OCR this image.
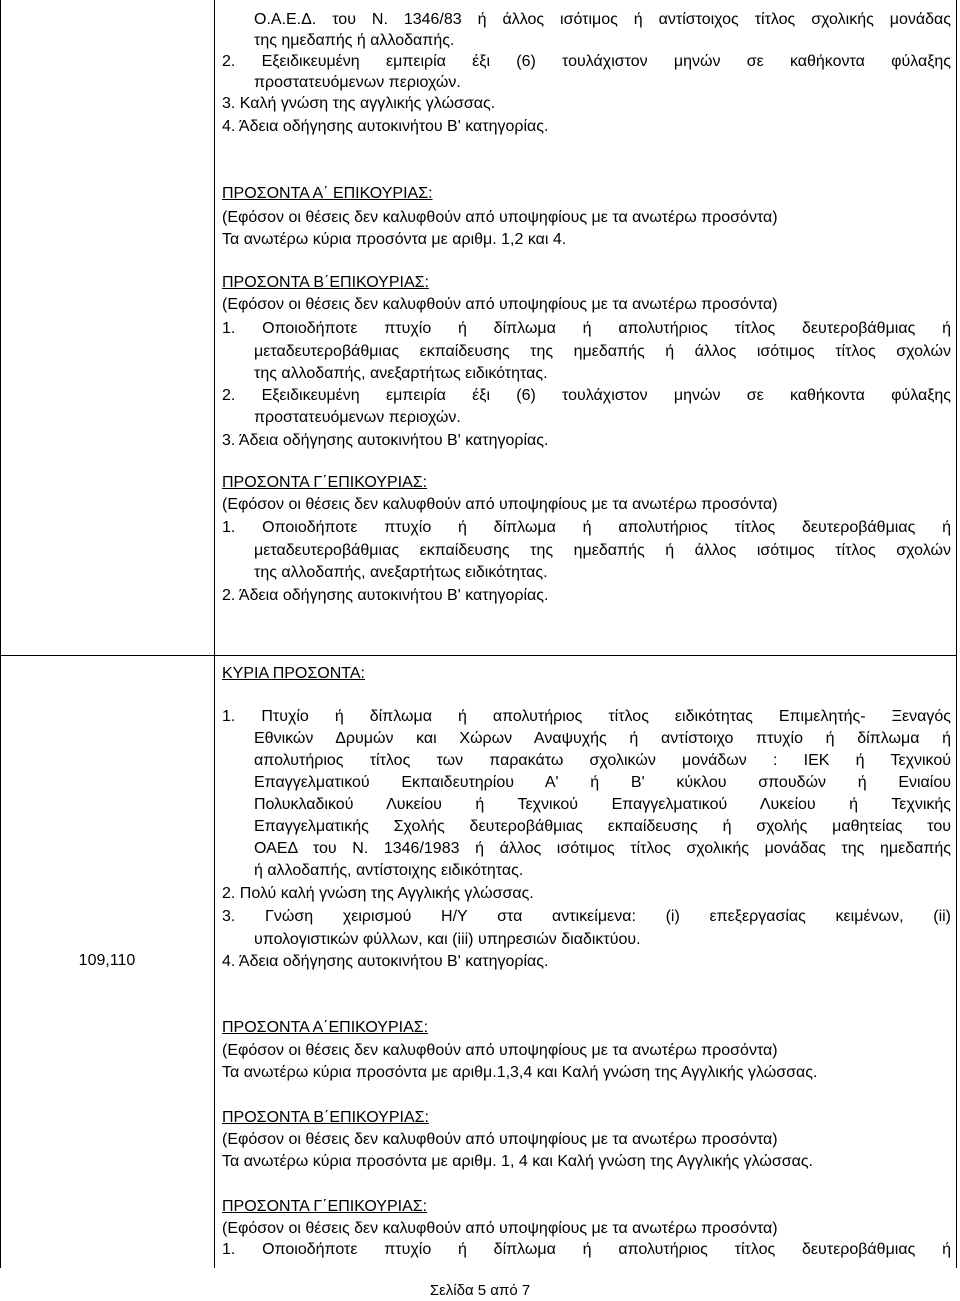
Ο.Α.Ε.Δ. του Ν. 1346/83 ή άλλος ισότιμος ή αντίστοιχος τίτλος σχολικής μονάδας
της ημεδαπής ή αλλοδαπής.
2. Εξειδικευμένη εμπειρία έξι (6) τουλάχιστον μηνών σε καθήκοντα φύλαξης
προστατευόμενων περιοχών.
3. Καλή γνώση της αγγλικής γλώσσας.
4. Άδεια οδήγησης αυτοκινήτου Β' κατηγορίας.
ΠΡΟΣΟΝΤΑ Α΄ ΕΠΙΚΟΥΡΙΑΣ:
(Εφόσον οι θέσεις δεν καλυφθούν από υποψηφίους με τα ανωτέρω προσόντα)
Τα ανωτέρω κύρια προσόντα με αριθμ. 1,2 και 4.
ΠΡΟΣΟΝΤΑ Β΄ΕΠΙΚΟΥΡΙΑΣ:
(Εφόσον οι θέσεις δεν καλυφθούν από υποψηφίους με τα ανωτέρω προσόντα)
1. Οποιοδήποτε πτυχίο ή δίπλωμα ή απολυτήριος τίτλος δευτεροβάθμιας ή
μεταδευτεροβάθμιας εκπαίδευσης της ημεδαπής ή άλλος ισότιμος τίτλος σχολών
της αλλοδαπής, ανεξαρτήτως ειδικότητας.
2. Εξειδικευμένη εμπειρία έξι (6) τουλάχιστον μηνών σε καθήκοντα φύλαξης
προστατευόμενων περιοχών.
3. Άδεια οδήγησης αυτοκινήτου Β' κατηγορίας.
ΠΡΟΣΟΝΤΑ Γ΄ΕΠΙΚΟΥΡΙΑΣ:
(Εφόσον οι θέσεις δεν καλυφθούν από υποψηφίους με τα ανωτέρω προσόντα)
1. Οποιοδήποτε πτυχίο ή δίπλωμα ή απολυτήριος τίτλος δευτεροβάθμιας ή
μεταδευτεροβάθμιας εκπαίδευσης της ημεδαπής ή άλλος ισότιμος τίτλος σχολών
της αλλοδαπής, ανεξαρτήτως ειδικότητας.
2. Άδεια οδήγησης αυτοκινήτου Β' κατηγορίας.
109,110
ΚΥΡΙΑ ΠΡΟΣΟΝΤΑ:
1. Πτυχίο ή δίπλωμα ή απολυτήριος τίτλος ειδικότητας Επιμελητής- Ξεναγός
Εθνικών Δρυμών και Χώρων Αναψυχής ή αντίστοιχο πτυχίο ή δίπλωμα ή
απολυτήριος τίτλος των παρακάτω σχολικών μονάδων : ΙΕΚ ή Τεχνικού
Επαγγελματικού Εκπαιδευτηρίου Α' ή Β' κύκλου σπουδών ή Ενιαίου
Πολυκλαδικού Λυκείου ή Τεχνικού Επαγγελματικού Λυκείου ή Τεχνικής
Επαγγελματικής Σχολής δευτεροβάθμιας εκπαίδευσης ή σχολής μαθητείας του
ΟΑΕΔ του Ν. 1346/1983 ή άλλος ισότιμος τίτλος σχολικής μονάδας της ημεδαπής
ή αλλοδαπής, αντίστοιχης ειδικότητας.
2. Πολύ καλή γνώση της Αγγλικής γλώσσας.
3. Γνώση χειρισμού Η/Υ στα αντικείμενα: (i) επεξεργασίας κειμένων, (ii)
υπολογιστικών φύλλων, και (iii) υπηρεσιών διαδικτύου.
4. Άδεια οδήγησης αυτοκινήτου Β' κατηγορίας.
ΠΡΟΣΟΝΤΑ Α΄ΕΠΙΚΟΥΡΙΑΣ:
(Εφόσον οι θέσεις δεν καλυφθούν από υποψηφίους με τα ανωτέρω προσόντα)
Τα ανωτέρω κύρια προσόντα με αριθμ.1,3,4 και Καλή γνώση της Αγγλικής γλώσσας.
ΠΡΟΣΟΝΤΑ Β΄ΕΠΙΚΟΥΡΙΑΣ:
(Εφόσον οι θέσεις δεν καλυφθούν από υποψηφίους με τα ανωτέρω προσόντα)
Τα ανωτέρω κύρια προσόντα με αριθμ. 1, 4 και Καλή γνώση της Αγγλικής γλώσσας.
ΠΡΟΣΟΝΤΑ Γ΄ΕΠΙΚΟΥΡΙΑΣ:
(Εφόσον οι θέσεις δεν καλυφθούν από υποψηφίους με τα ανωτέρω προσόντα)
1. Οποιοδήποτε πτυχίο ή δίπλωμα ή απολυτήριος τίτλος δευτεροβάθμιας ή
Σελίδα 5 από 7
